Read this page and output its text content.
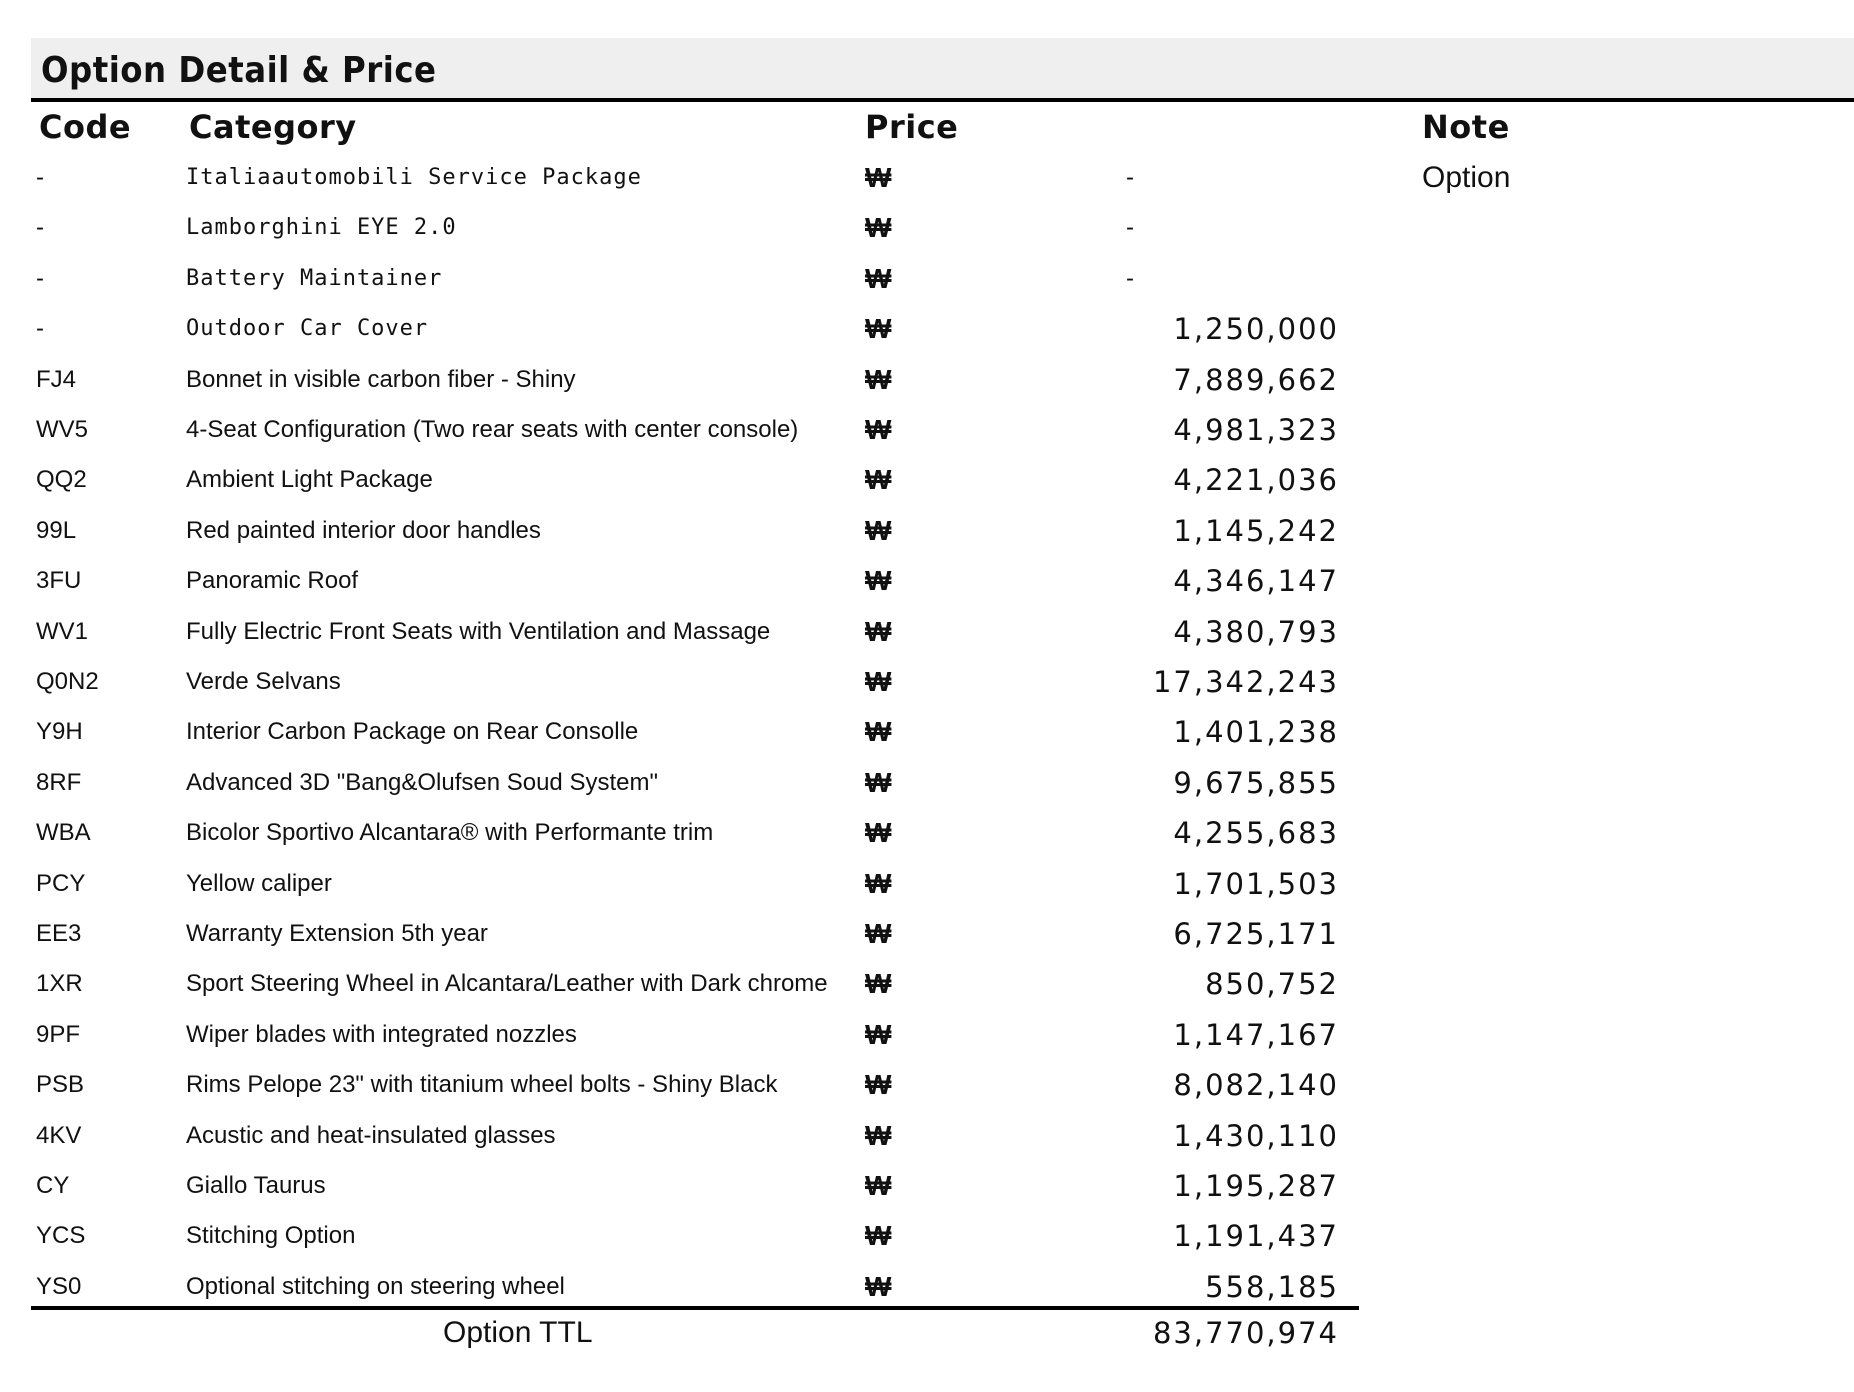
Option Detail & Price
Code Category	Price	Note
-	Italiaautomobili Service Package	₩	-	Option
-	Lamborghini EYE 2.0	₩	-
-	Battery Maintainer	₩	-
-	Outdoor Car Cover	₩	1,250,000
FJ4	Bonnet in visible carbon fiber - Shiny	₩	7,889,662
WV5	4-Seat Configuration (Two rear seats with center console) ₩	4,981,323
QQ2	Ambient Light Package	₩	4,221,036
99L	Red painted interior door handles	₩	1,145,242
3FU	Panoramic Roof	₩	4,346,147
WV1	Fully Electric Front Seats with Ventilation and Massage	₩	4,380,793
Q0N2	Verde Selvans	₩	17,342,243
Y9H	Interior Carbon Package on Rear Consolle	₩	1,401,238
8RF	Advanced 3D "Bang&Olufsen Soud System"	₩	9,675,855
WBA	Bicolor Sportivo Alcantara® with Performante trim	₩	4,255,683
PCY	Yellow caliper	₩	1,701,503
EE3	Warranty Extension 5th year	₩	6,725,171
1XR	Sport Steering Wheel in Alcantara/Leather with Dark chrome ₩	850,752
9PF	Wiper blades with integrated nozzles	₩	1,147,167
PSB	Rims Pelope 23" with titanium wheel bolts - Shiny Black	₩	8,082,140
4KV	Acustic and heat-insulated glasses	₩	1,430,110
CY	Giallo Taurus	₩	1,195,287
YCS	Stitching Option	₩	1,191,437
YS0	Optional stitching on steering wheel	₩	558,185
Option TTL	83,770,974
